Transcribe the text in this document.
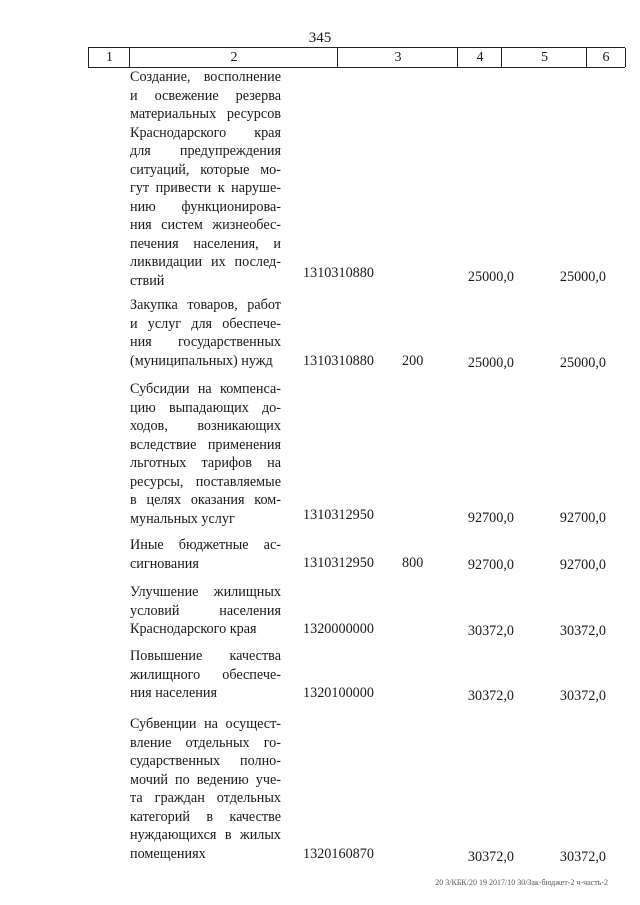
345
1	2	3	4	5	6
Создание, восполнение
и освежение резерва
материальных ресурсов
Краснодарского края
для предупреждения
ситуаций, которые мо-
гут привести к наруше-
нию функционирова-
ния систем жизнеобес-
печения населения, и
ликвидации их послед-
ствий	1310310880	25000,0	25000,0
Закупка товаров, работ
и услуг для обеспече-
ния государственных
(муниципальных) нужд	1310310880 200	25000,0	25000,0
Субсидии на компенса-
цию выпадающих до-
ходов, возникающих
вследствие применения
льготных тарифов на
ресурсы, поставляемые
в целях оказания ком-
мунальных услуг	1310312950	92700,0	92700,0
Иные бюджетные ас-
сигнования	1310312950 800	92700,0	92700,0
Улучшение жилищных
условий населения
Краснодарского края	1320000000	30372,0	30372,0
Повышение качества
жилищного обеспече-
ния населения	1320100000	30372,0	30372,0
Субвенции на осущест-
вление отдельных го-
сударственных полно-
мочий по ведению уче-
та граждан отдельных
категорий в качестве
нуждающихся в жилых
помещениях	1320160870	30372,0	30372,0
20 3/КБК/20 19 2017/10 30/Зак-бюджет-2 ч-часть-2
